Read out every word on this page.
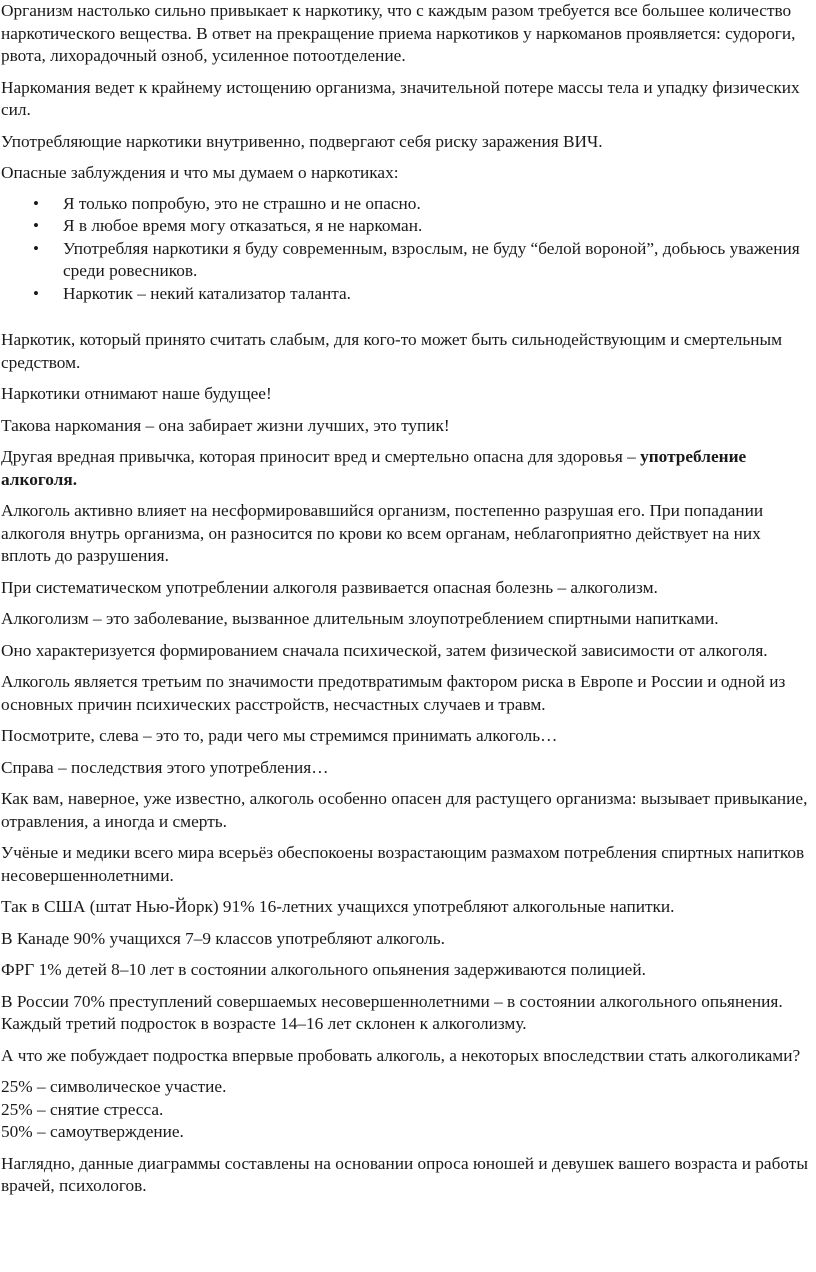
Организм настолько сильно привыкает к наркотику, что с каждым разом требуется все большее количество наркотического вещества. В ответ на прекращение приема наркотиков у наркоманов проявляется: судороги, рвота, лихорадочный озноб, усиленное потоотделение.

Наркомания ведет к крайнему истощению организма, значительной потере массы тела и упадку физических сил.

Употребляющие наркотики внутривенно, подвергают себя риску заражения ВИЧ.

Опасные заблуждения и что мы думаем о наркотиках:

• Я только попробую, это не страшно и не опасно.
• Я в любое время могу отказаться, я не наркоман.
• Употребляя наркотики я буду современным, взрослым, не буду “белой вороной”, добьюсь уважения среди ровесников.
• Наркотик – некий катализатор таланта.

Наркотик, который принято считать слабым, для кого-то может быть сильнодействующим и смертельным средством.

Наркотики отнимают наше будущее!

Такова наркомания – она забирает жизни лучших, это тупик!

Другая вредная привычка, которая приносит вред и смертельно опасна для здоровья – употребление алкоголя.

Алкоголь активно влияет на несформировавшийся организм, постепенно разрушая его. При попадании алкоголя внутрь организма, он разносится по крови ко всем органам, неблагоприятно действует на них вплоть до разрушения.

При систематическом употреблении алкоголя развивается опасная болезнь – алкоголизм.

Алкоголизм – это заболевание, вызванное длительным злоупотреблением спиртными напитками.

Оно характеризуется формированием сначала психической, затем физической зависимости от алкоголя.

Алкоголь является третьим по значимости предотвратимым фактором риска в Европе и России и одной из основных причин психических расстройств, несчастных случаев и травм.

Посмотрите, слева – это то, ради чего мы стремимся принимать алкоголь…

Справа – последствия этого употребления…

Как вам, наверное, уже известно, алкоголь особенно опасен для растущего организма: вызывает привыкание, отравления, а иногда и смерть.

Учёные и медики всего мира всерьёз обеспокоены возрастающим размахом потребления спиртных напитков несовершеннолетними.

Так в США (штат Нью-Йорк) 91% 16-летних учащихся употребляют алкогольные напитки.

В Канаде 90% учащихся 7–9 классов употребляют алкоголь.

ФРГ 1% детей 8–10 лет в состоянии алкогольного опьянения задерживаются полицией.

В России 70% преступлений совершаемых несовершеннолетними – в состоянии алкогольного опьянения. Каждый третий подросток в возрасте 14–16 лет склонен к алкоголизму.

А что же побуждает подростка впервые пробовать алкоголь, а некоторых впоследствии стать алкоголиками?

25% – символическое участие.
25% – снятие стресса.
50% – самоутверждение.

Наглядно, данные диаграммы составлены на основании опроса юношей и девушек вашего возраста и работы врачей, психологов.
